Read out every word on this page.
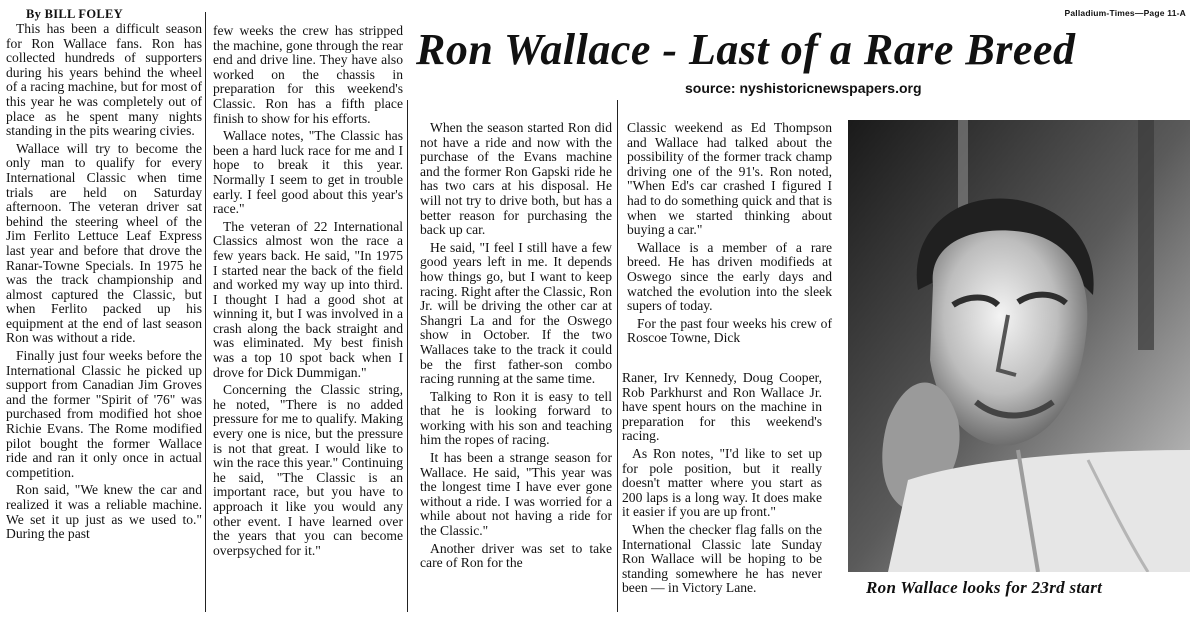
Palladium-Times—Page 11-A
By BILL FOLEY
Ron Wallace - Last of a Rare Breed
source: nyshistoricnewspapers.org

This has been a difficult season for Ron Wallace fans. Ron has collected hundreds of supporters during his years behind the wheel of a racing machine, but for most of this year he was completely out of place as he spent many nights standing in the pits wearing civies.

Wallace will try to become the only man to qualify for every International Classic when time trials are held on Saturday afternoon. The veteran driver sat behind the steering wheel of the Jim Ferlito Lettuce Leaf Express last year and before that drove the Ranar-Towne Specials. In 1975 he was the track championship and almost captured the Classic, but when Ferlito packed up his equipment at the end of last season Ron was without a ride.

Finally just four weeks before the International Classic he picked up support from Canadian Jim Groves and the former "Spirit of '76" was purchased from modified hot shoe Richie Evans. The Rome modified pilot bought the former Wallace ride and ran it only once in actual competition.

Ron said, "We knew the car and realized it was a reliable machine. We set it up just as we used to." During the past

few weeks the crew has stripped the machine, gone through the rear end and drive line. They have also worked on the chassis in preparation for this weekend's Classic. Ron has a fifth place finish to show for his efforts.

Wallace notes, "The Classic has been a hard luck race for me and I hope to break it this year. Normally I seem to get in trouble early. I feel good about this year's race."

The veteran of 22 International Classics almost won the race a few years back. He said, "In 1975 I started near the back of the field and worked my way up into third. I thought I had a good shot at winning it, but I was involved in a crash along the back straight and was eliminated. My best finish was a top 10 spot back when I drove for Dick Dummigan."

Concerning the Classic string, he noted, "There is no added pressure for me to qualify. Making every one is nice, but the pressure is not that great. I would like to win the race this year." Continuing he said, "The Classic is an important race, but you have to approach it like you would any other event. I have learned over the years that you can become overpsyched for it."

When the season started Ron did not have a ride and now with the purchase of the Evans machine and the former Ron Gapski ride he has two cars at his disposal. He will not try to drive both, but has a better reason for purchasing the back up car.

He said, "I feel I still have a few good years left in me. It depends how things go, but I want to keep racing. Right after the Classic, Ron Jr. will be driving the other car at Shangri La and for the Oswego show in October. If the two Wallaces take to the track it could be the first father-son combo racing running at the same time.

Talking to Ron it is easy to tell that he is looking forward to working with his son and teaching him the ropes of racing.

It has been a strange season for Wallace. He said, "This year was the longest time I have ever gone without a ride. I was worried for a while about not having a ride for the Classic."

Another driver was set to take care of Ron for the

Classic weekend as Ed Thompson and Wallace had talked about the possibility of the former track champ driving one of the 91's. Ron noted, "When Ed's car crashed I figured I had to do something quick and that is when we started thinking about buying a car."

Wallace is a member of a rare breed. He has driven modifieds at Oswego since the early days and watched the evolution into the sleek supers of today.

For the past four weeks his crew of Roscoe Towne, Dick

Raner, Irv Kennedy, Doug Cooper, Rob Parkhurst and Ron Wallace Jr. have spent hours on the machine in preparation for this weekend's racing.

As Ron notes, "I'd like to set up for pole position, but it really doesn't matter where you start as 200 laps is a long way. It does make it easier if you are up front."

When the checker flag falls on the International Classic late Sunday Ron Wallace will be hoping to be standing somewhere he has never been — in Victory Lane.	Ron Wallace looks for 23rd start
